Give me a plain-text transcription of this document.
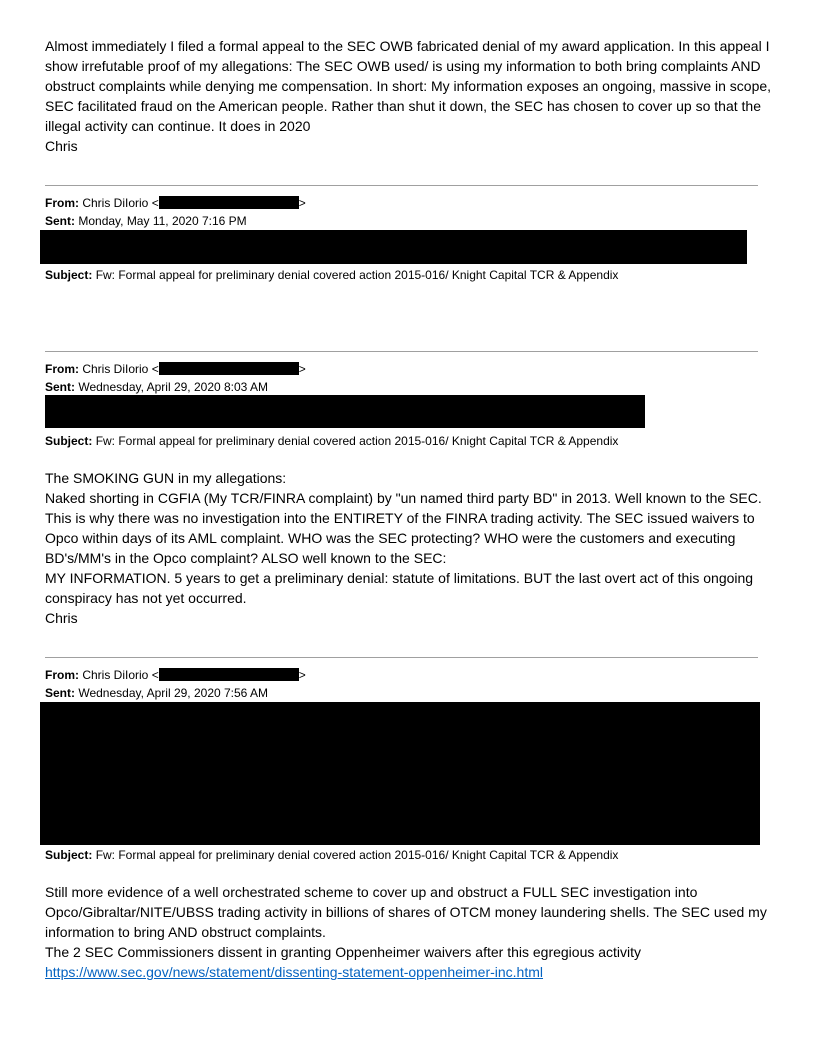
Almost immediately I filed a formal appeal to the SEC OWB fabricated denial of my award application. In this appeal I show irrefutable proof of my allegations: The SEC OWB used/ is using my information to both bring complaints AND obstruct complaints while denying me compensation. In short: My information exposes an ongoing, massive in scope, SEC facilitated fraud on the American people. Rather than shut it down, the SEC has chosen to cover up so that the illegal activity can continue. It does in 2020

Chris

From: Chris DiIorio <	>
Sent: Monday, May 11, 2020 7:16 PM
Subject: Fw: Formal appeal for preliminary denial covered action 2015-016/ Knight Capital TCR & Appendix
From: Chris DiIorio <	>
Sent: Wednesday, April 29, 2020 8:03 AM
Subject: Fw: Formal appeal for preliminary denial covered action 2015-016/ Knight Capital TCR & Appendix

The SMOKING GUN in my allegations:

Naked shorting in CGFIA (My TCR/FINRA complaint) by "un named third party BD" in 2013. Well known to the SEC. This is why there was no investigation into the ENTIRETY of the FINRA trading activity. The SEC issued waivers to Opco within days of its AML complaint. WHO was the SEC protecting? WHO were the customers and executing BD's/MM's in the Opco complaint? ALSO well known to the SEC:

MY INFORMATION. 5 years to get a preliminary denial: statute of limitations. BUT the last overt act of this ongoing conspiracy has not yet occurred.

Chris

From: Chris DiIorio <	>
Sent: Wednesday, April 29, 2020 7:56 AM
Subject: Fw: Formal appeal for preliminary denial covered action 2015-016/ Knight Capital TCR & Appendix

Still more evidence of a well orchestrated scheme to cover up and obstruct a FULL SEC investigation into Opco/Gibraltar/NITE/UBSS trading activity in billions of shares of OTCM money laundering shells. The SEC used my information to bring AND obstruct complaints.

The 2 SEC Commissioners dissent in granting Oppenheimer waivers after this egregious activity

https://www.sec.gov/news/statement/dissenting-statement-oppenheimer-inc.html
